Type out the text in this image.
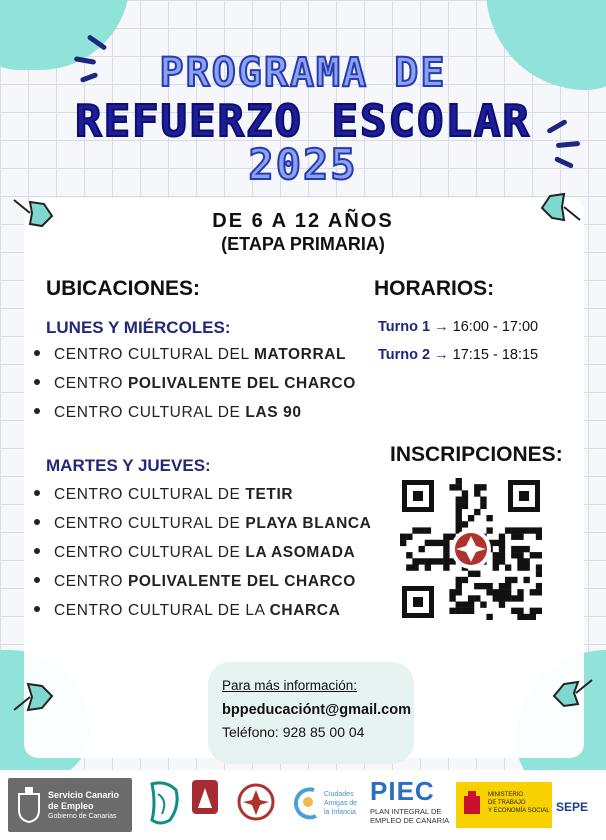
PROGRAMA DE

REFUERZO ESCOLAR

2025

DE 6 A 12 AÑOS

(ETAPA PRIMARIA)

UBICACIONES:	HORARIOS:

LUNES Y MIÉRCOLES:

CENTRO CULTURAL DEL MATORRAL
CENTRO POLIVALENTE DEL CHARCO
CENTRO CULTURAL DE LAS 90

MARTES Y JUEVES:

CENTRO CULTURAL DE TETIR
CENTRO CULTURAL DE PLAYA BLANCA
CENTRO CULTURAL DE LA ASOMADA
CENTRO POLIVALENTE DEL CHARCO
CENTRO CULTURAL DE LA CHARCA
Turno 1 → 16:00 - 17:00
Turno 2 → 17:15 - 18:15

INSCRIPCIONES:

Para más información:

bppeducaciónt@gmail.com

Teléfono: 928 85 00 04

Servicio Canario
de Empleo
Gobierno de Canarias
Ciudades
Amigas de
la Infancia
PIEC
PLAN INTEGRAL DE
EMPLEO DE CANARIA
MINISTERIO
DE TRABAJO
Y ECONOMÍA SOCIAL SEPE
